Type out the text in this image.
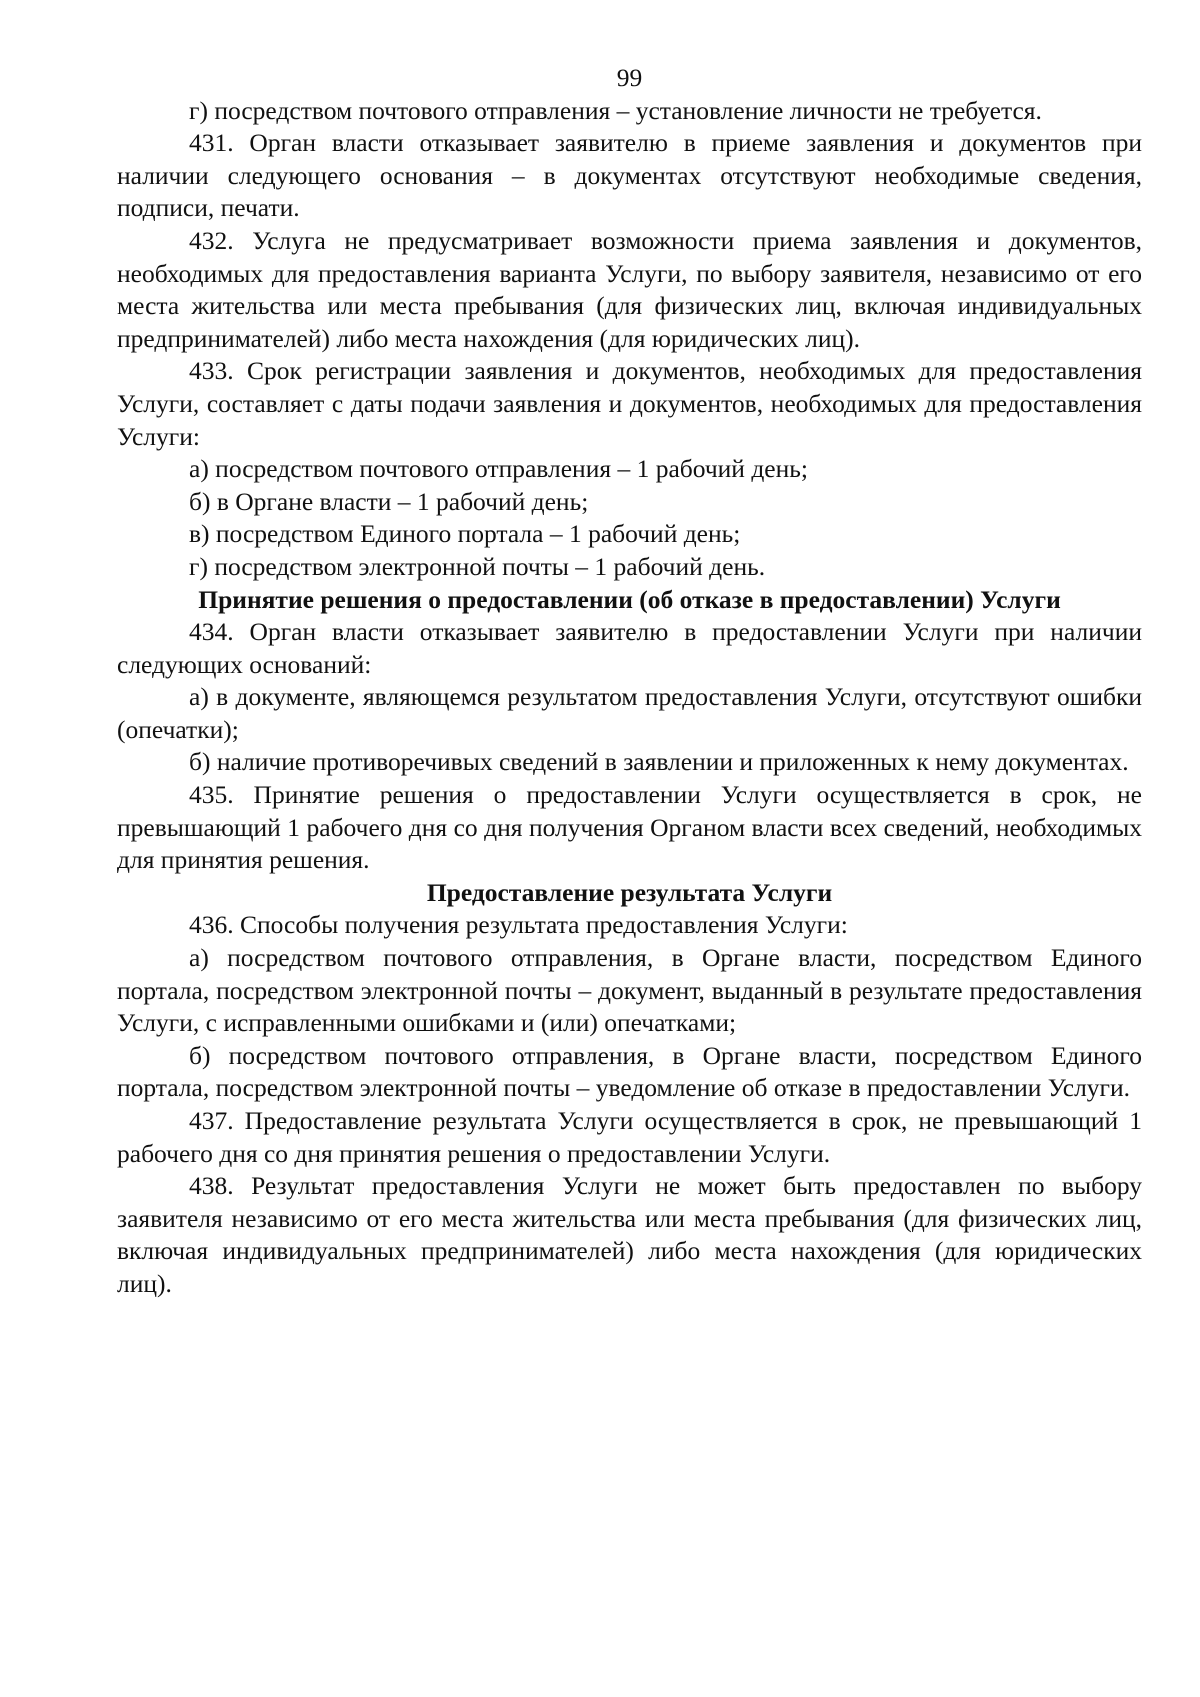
99

г) посредством почтового отправления – установление личности не требуется.

431. Орган власти отказывает заявителю в приеме заявления и документов при наличии следующего основания – в документах отсутствуют необходимые сведения, подписи, печати.

432. Услуга не предусматривает возможности приема заявления и документов, необходимых для предоставления варианта Услуги, по выбору заявителя, независимо от его места жительства или места пребывания (для физических лиц, включая индивидуальных предпринимателей) либо места нахождения (для юридических лиц).

433. Срок регистрации заявления и документов, необходимых для предоставления Услуги, составляет с даты подачи заявления и документов, необходимых для предоставления Услуги:

а) посредством почтового отправления – 1 рабочий день;

б) в Органе власти – 1 рабочий день;

в) посредством Единого портала – 1 рабочий день;

г) посредством электронной почты – 1 рабочий день.

Принятие решения о предоставлении (об отказе в предоставлении) Услуги

434. Орган власти отказывает заявителю в предоставлении Услуги при наличии следующих оснований:

а) в документе, являющемся результатом предоставления Услуги, отсутствуют ошибки (опечатки);

б) наличие противоречивых сведений в заявлении и приложенных к нему документах.

435. Принятие решения о предоставлении Услуги осуществляется в срок, не превышающий 1 рабочего дня со дня получения Органом власти всех сведений, необходимых для принятия решения.

Предоставление результата Услуги

436. Способы получения результата предоставления Услуги:

а) посредством почтового отправления, в Органе власти, посредством Единого портала, посредством электронной почты – документ, выданный в результате предоставления Услуги, с исправленными ошибками и (или) опечатками;

б) посредством почтового отправления, в Органе власти, посредством Единого портала, посредством электронной почты – уведомление об отказе в предоставлении Услуги.

437. Предоставление результата Услуги осуществляется в срок, не превышающий 1 рабочего дня со дня принятия решения о предоставлении Услуги.

438. Результат предоставления Услуги не может быть предоставлен по выбору заявителя независимо от его места жительства или места пребывания (для физических лиц, включая индивидуальных предпринимателей) либо места нахождения (для юридических лиц).
